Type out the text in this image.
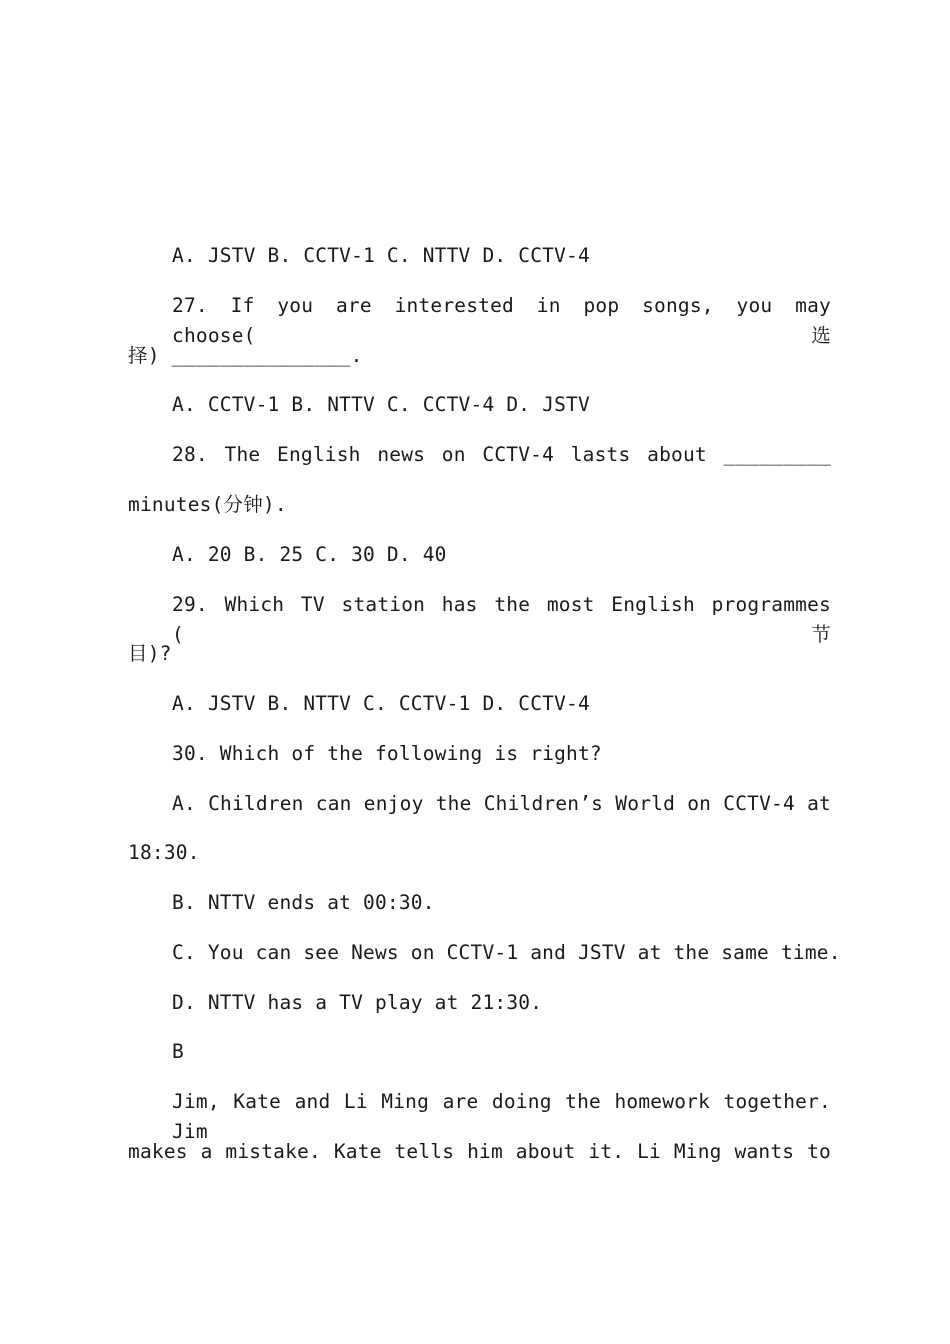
A. JSTV B. CCTV-1 C. NTTV D. CCTV-4
27. If you are interested in pop songs, you may choose(选
择) _______________.
A. CCTV-1 B. NTTV C. CCTV-4 D. JSTV
28. The English news on CCTV-4 lasts about _________
minutes(分钟).
A. 20 B. 25 C. 30 D. 40
29. Which TV station has the most English programmes (节
目)?
A. JSTV B. NTTV C. CCTV-1 D. CCTV-4
30. Which of the following is right?
A. Children can enjoy the Children’s World on CCTV-4 at
18:30.
B. NTTV ends at 00:30.
C. You can see News on CCTV-1 and JSTV at the same time.
D. NTTV has a TV play at 21:30.
B
Jim, Kate and Li Ming are doing the homework together. Jim
makes a mistake. Kate tells him about it. Li Ming wants to
